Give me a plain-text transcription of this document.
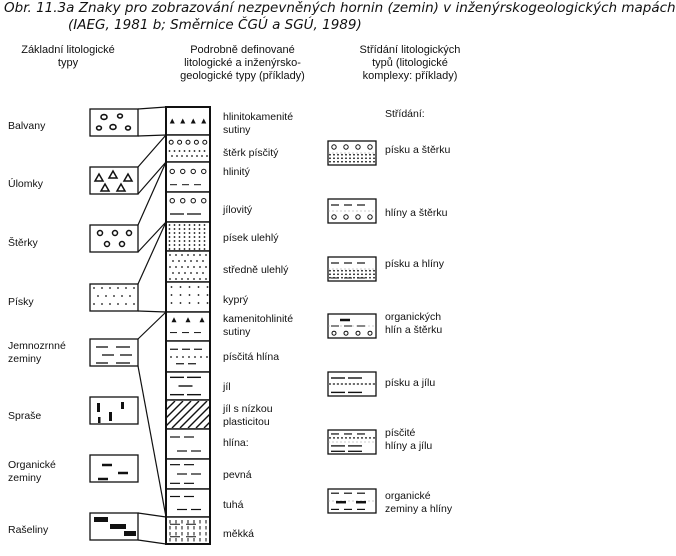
Obr. 11.3a Znaky pro zobrazování nezpevněných hornin (zemin) v inženýrskogeologických mapách
(IAEG, 1981 b; Směrnice ČGÚ a SGÚ, 1989)
Základní litologické
typy
Podrobně definované
litologické a inženýrsko-
geologické typy (příklady)
Střídání litologických
typů (litologické
komplexy: příklady)
Balvany
Úlomky
Štěrky
Písky
Jemnozrnné
zeminy
Spraše
Organické
zeminy
Rašeliny
hlinitokamenité
sutiny
štěrk písčitý
hlinitý
jílovitý
písek ulehlý
středně ulehlý
kyprý
kamenitohlinité
sutiny
písčitá hlína
jíl
jíl s nízkou
plasticitou
hlína:
pevná
tuhá
měkká
Střídání:
písku a štěrku
hlíny a štěrku
písku a hlíny
organických
hlín a štěrku
písku a jílu
písčité
hlíny a jílu
organické
zeminy a hlíny
